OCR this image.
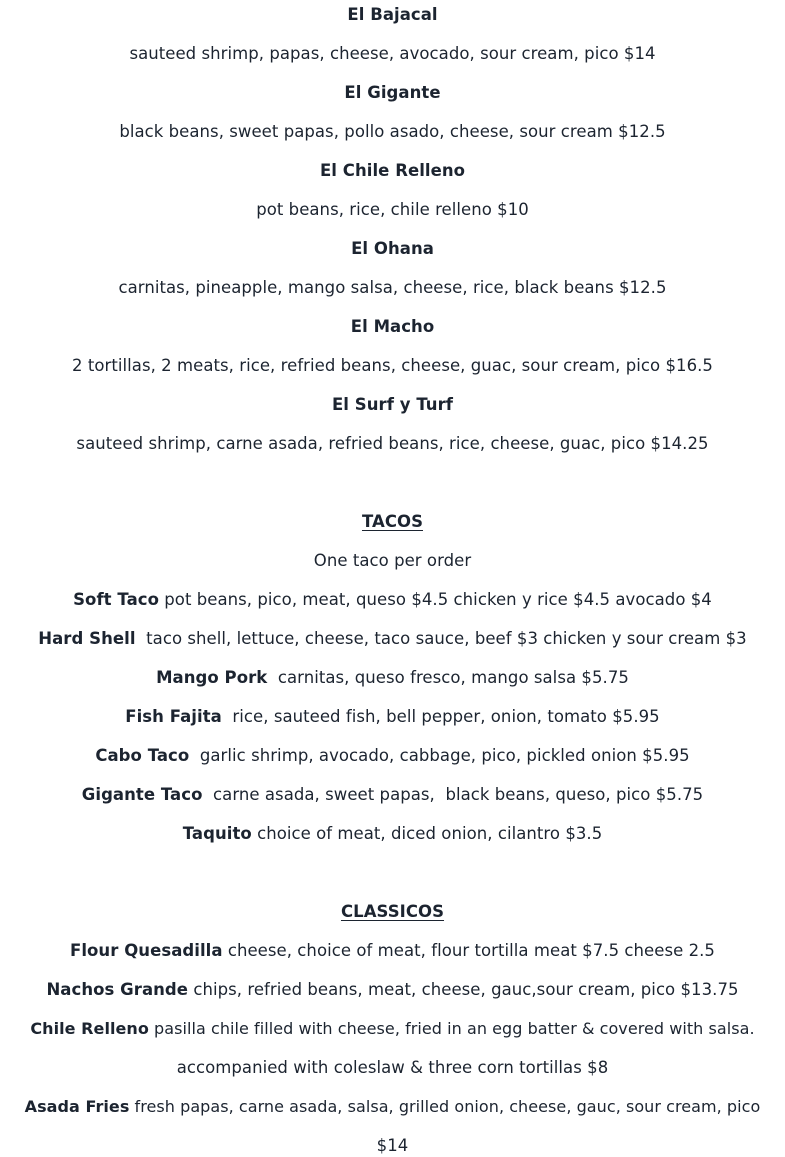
El Bajacal
sauteed shrimp, papas, cheese, avocado, sour cream, pico $14
El Gigante
black beans, sweet papas, pollo asado, cheese, sour cream $12.5
El Chile Relleno
pot beans, rice, chile relleno $10
El Ohana
carnitas, pineapple, mango salsa, cheese, rice, black beans $12.5
El Macho
2 tortillas, 2 meats, rice, refried beans, cheese, guac, sour cream, pico $16.5
El Surf y Turf
sauteed shrimp, carne asada, refried beans, rice, cheese, guac, pico $14.25
TACOS
One taco per order
Soft Taco pot beans, pico, meat, queso $4.5 chicken y rice $4.5 avocado $4
Hard Shell  taco shell, lettuce, cheese, taco sauce, beef $3 chicken y sour cream $3
Mango Pork  carnitas, queso fresco, mango salsa $5.75
Fish Fajita  rice, sauteed fish, bell pepper, onion, tomato $5.95
Cabo Taco  garlic shrimp, avocado, cabbage, pico, pickled onion $5.95
Gigante Taco  carne asada, sweet papas,  black beans, queso, pico $5.75
Taquito choice of meat, diced onion, cilantro $3.5
CLASSICOS
Flour Quesadilla cheese, choice of meat, flour tortilla meat $7.5 cheese 2.5
Nachos Grande chips, refried beans, meat, cheese, gauc,sour cream, pico $13.75
Chile Relleno pasilla chile filled with cheese, fried in an egg batter & covered with salsa.
accompanied with coleslaw & three corn tortillas $8
Asada Fries fresh papas, carne asada, salsa, grilled onion, cheese, gauc, sour cream, pico
$14
